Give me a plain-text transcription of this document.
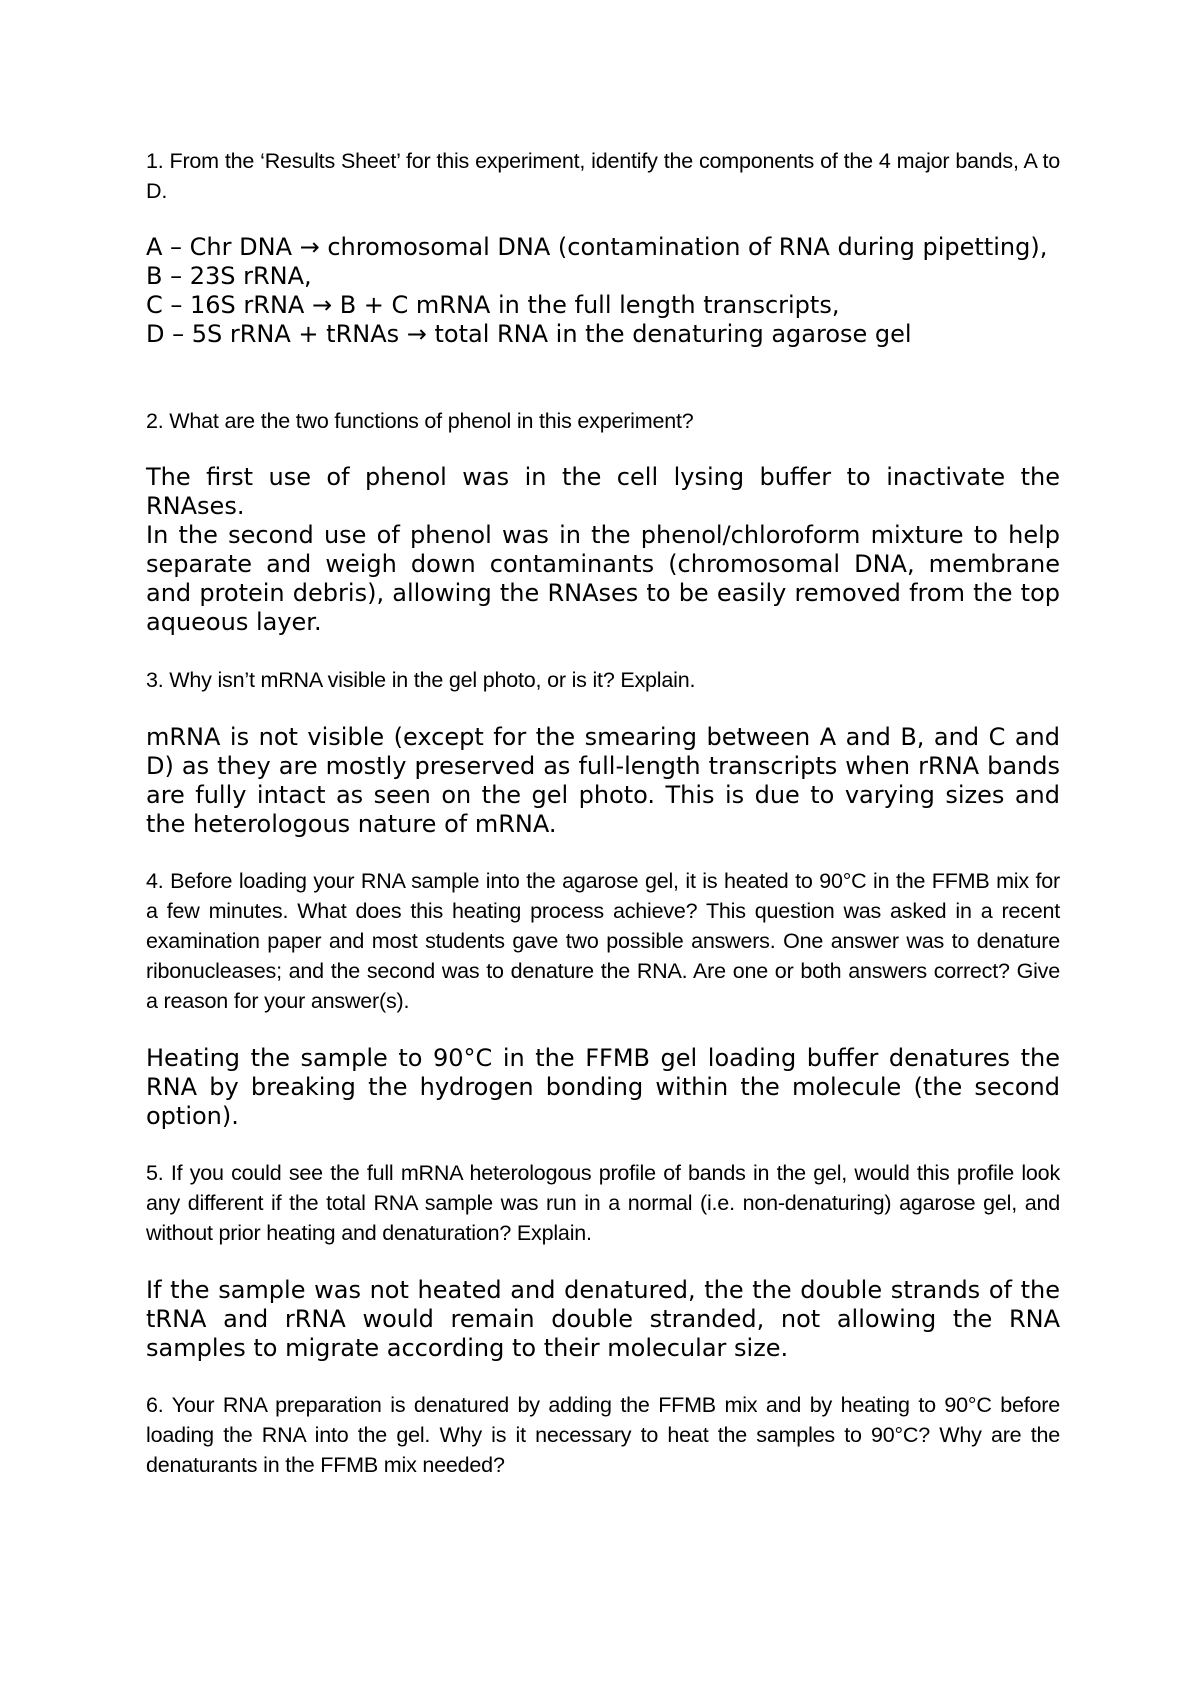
1. From the ‘Results Sheet’ for this experiment, identify the components of the 4 major bands, A to D.

A – Chr DNA → chromosomal DNA (contamination of RNA during pipetting),

B – 23S rRNA,

C – 16S rRNA → B + C mRNA in the full length transcripts,

D – 5S rRNA + tRNAs → total RNA in the denaturing agarose gel

2. What are the two functions of phenol in this experiment?

The first use of phenol was in the cell lysing buffer to inactivate the RNAses.

In the second use of phenol was in the phenol/chloroform mixture to help separate and weigh down contaminants (chromosomal DNA, membrane and protein debris), allowing the RNAses to be easily removed from the top aqueous layer.

3. Why isn’t mRNA visible in the gel photo, or is it? Explain.

mRNA is not visible (except for the smearing between A and B, and C and D) as they are mostly preserved as full-length transcripts when rRNA bands are fully intact as seen on the gel photo. This is due to varying sizes and the heterologous nature of mRNA.

4. Before loading your RNA sample into the agarose gel, it is heated to 90°C in the FFMB mix for a few minutes. What does this heating process achieve? This question was asked in a recent examination paper and most students gave two possible answers. One answer was to denature ribonucleases; and the second was to denature the RNA. Are one or both answers correct? Give a reason for your answer(s).

Heating the sample to 90°C in the FFMB gel loading buffer denatures the RNA by breaking the hydrogen bonding within the molecule (the second option).

5. If you could see the full mRNA heterologous profile of bands in the gel, would this profile look any different if the total RNA sample was run in a normal (i.e. non-denaturing) agarose gel, and without prior heating and denaturation? Explain.

If the sample was not heated and denatured, the the double strands of the tRNA and rRNA would remain double stranded, not allowing the RNA samples to migrate according to their molecular size.

6. Your RNA preparation is denatured by adding the FFMB mix and by heating to 90°C before loading the RNA into the gel. Why is it necessary to heat the samples to 90°C? Why are the denaturants in the FFMB mix needed?
